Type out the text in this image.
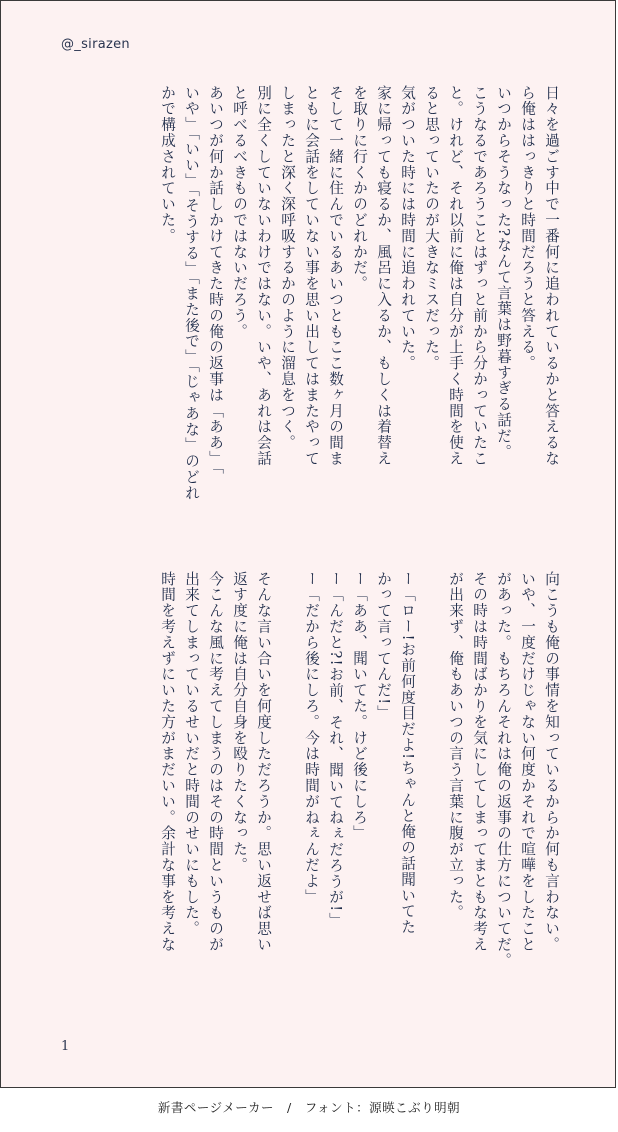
@_sirazen

日々を過ごす中で一番何に追われているかと答えるな

ら俺ははっきりと時間だろうと答える。

いつからそうなった?なんて言葉は野暮すぎる話だ。

こうなるであろうことはずっと前から分かっていたこ

と。けれど、それ以前に俺は自分が上手く時間を使え

ると思っていたのが大きなミスだった。

気がついた時には時間に追われていた。

家に帰っても寝るか、風呂に入るか、もしくは着替え

を取りに行くかのどれかだ。

そして一緒に住んでいるあいつともここ数ヶ月の間ま

ともに会話をしていない事を思い出してはまたやって

しまったと深く深呼吸するかのように溜息をつく。

別に全くしていないわけではない。いや、あれは会話

と呼べるべきものではないだろう。

あいつが何か話しかけてきた時の俺の返事は「ああ」「

いや」「いい」「そうする」「また後で」「じゃあな」のどれ

かで構成されていた。

向こうも俺の事情を知っているからか何も言わない。

いや、一度だけじゃない何度かそれで喧嘩をしたこと

があった。もちろんそれは俺の返事の仕方についてだ。

その時は時間ばかりを気にしてしまってまともな考え

が出来ず、俺もあいつの言う言葉に腹が立った。

ー「ロー!お前何度目だよ!ちゃんと俺の話聞いてた

かって言ってんだ!」

ー「ああ、聞いてた。けど後にしろ」

ー「んだと?!お前、それ、聞いてねぇだろうが!」

ー「だから後にしろ。今は時間がねぇんだよ」

そんな言い合いを何度しただろうか。思い返せば思い

返す度に俺は自分自身を殴りたくなった。

今こんな風に考えてしまうのはその時間というものが

出来てしまっているせいだと時間のせいにもした。

時間を考えずにいた方がまだいい。余計な事を考えな

1
新書ページメーカー　/　フォント：源暎こぶり明朝
